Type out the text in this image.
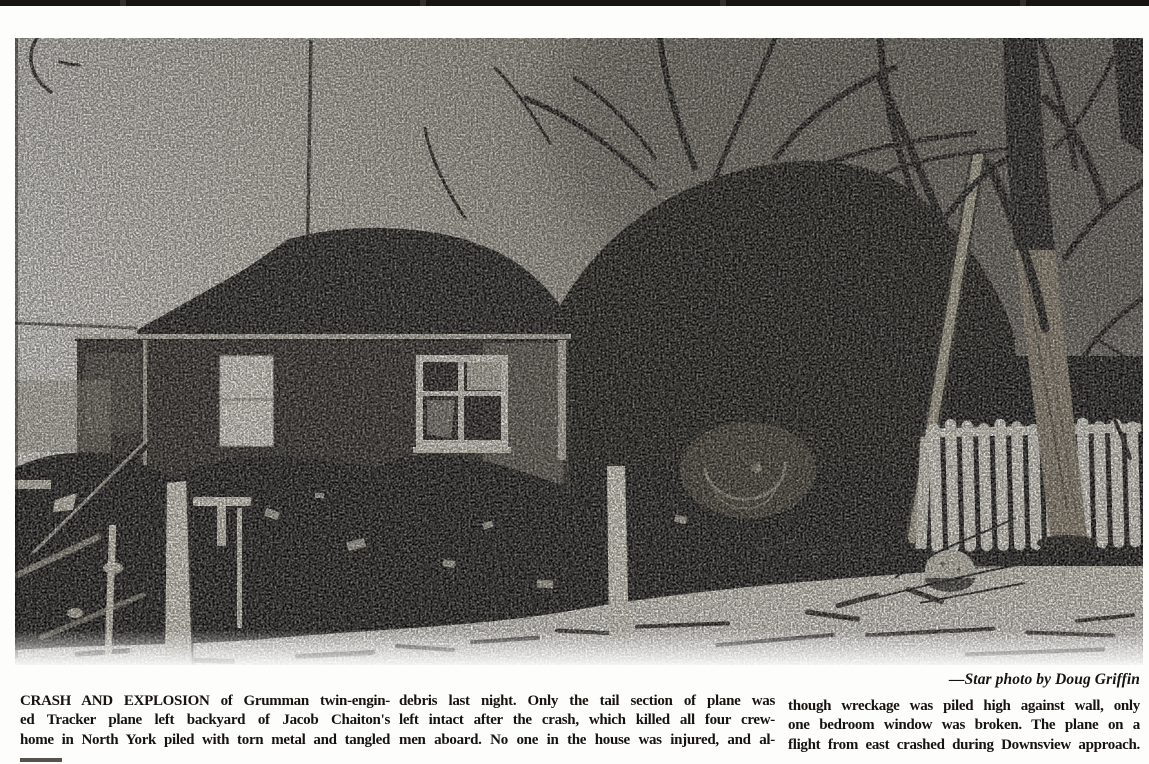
—Star photo by Doug Griffin
CRASH AND EXPLOSION of Grumman twin-engin-
ed Tracker plane left backyard of Jacob Chaiton's
home in North York piled with torn metal and tangled
debris last night. Only the tail section of plane was
left intact after the crash, which killed all four crew-
men aboard. No one in the house was injured, and al-
though wreckage was piled high against wall, only
one bedroom window was broken. The plane on a
flight from east crashed during Downsview approach.
